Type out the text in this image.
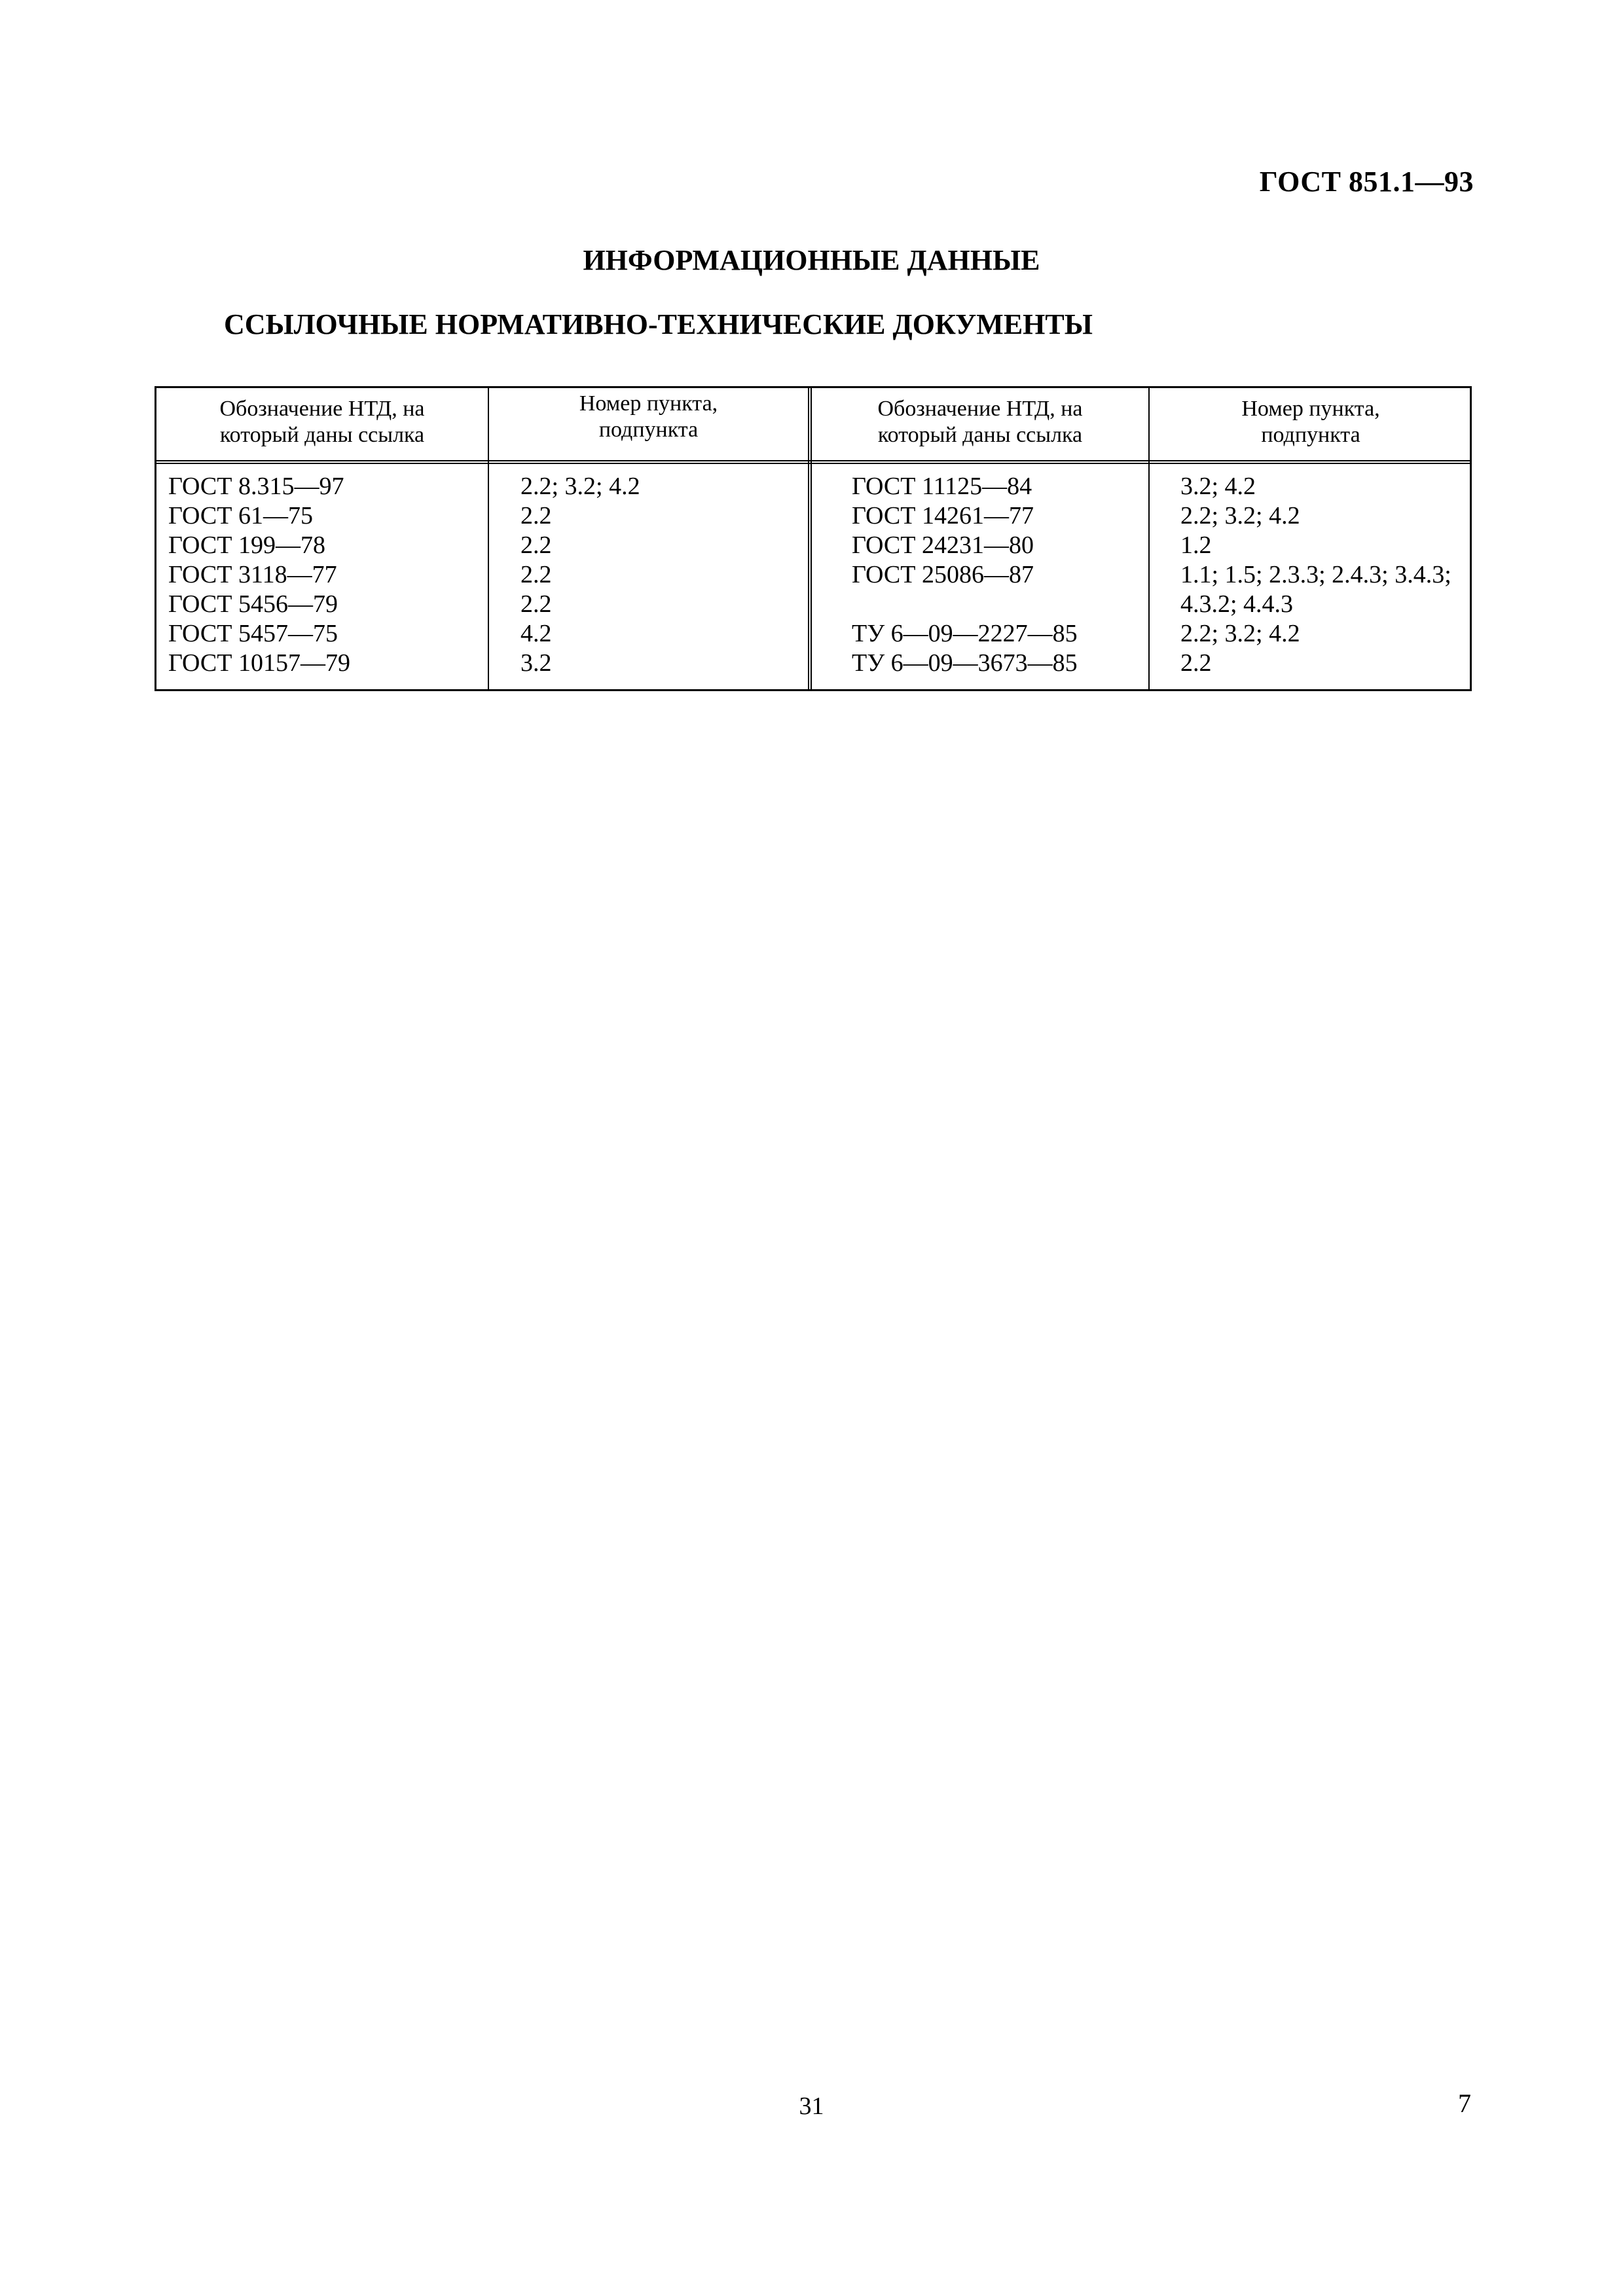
ГОСТ 851.1—93
ИНФОРМАЦИОННЫЕ ДАННЫЕ
ССЫЛОЧНЫЕ НОРМАТИВНО-ТЕХНИЧЕСКИЕ ДОКУМЕНТЫ
Обозначение НТД, на
который даны ссылка
Номер пункта,
подпункта
Обозначение НТД, на
который даны ссылка
Номер пункта,
подпункта
ГОСТ 8.315—97
ГОСТ 61—75
ГОСТ 199—78
ГОСТ 3118—77
ГОСТ 5456—79
ГОСТ 5457—75
ГОСТ 10157—79
2.2; 3.2; 4.2
2.2
2.2
2.2
2.2
4.2
3.2
ГОСТ 11125—84
ГОСТ 14261—77
ГОСТ 24231—80
ГОСТ 25086—87
ТУ 6—09—2227—85
ТУ 6—09—3673—85
3.2; 4.2
2.2; 3.2; 4.2
1.2
1.1; 1.5; 2.3.3; 2.4.3; 3.4.3;
4.3.2; 4.4.3
2.2; 3.2; 4.2
2.2
31	7
